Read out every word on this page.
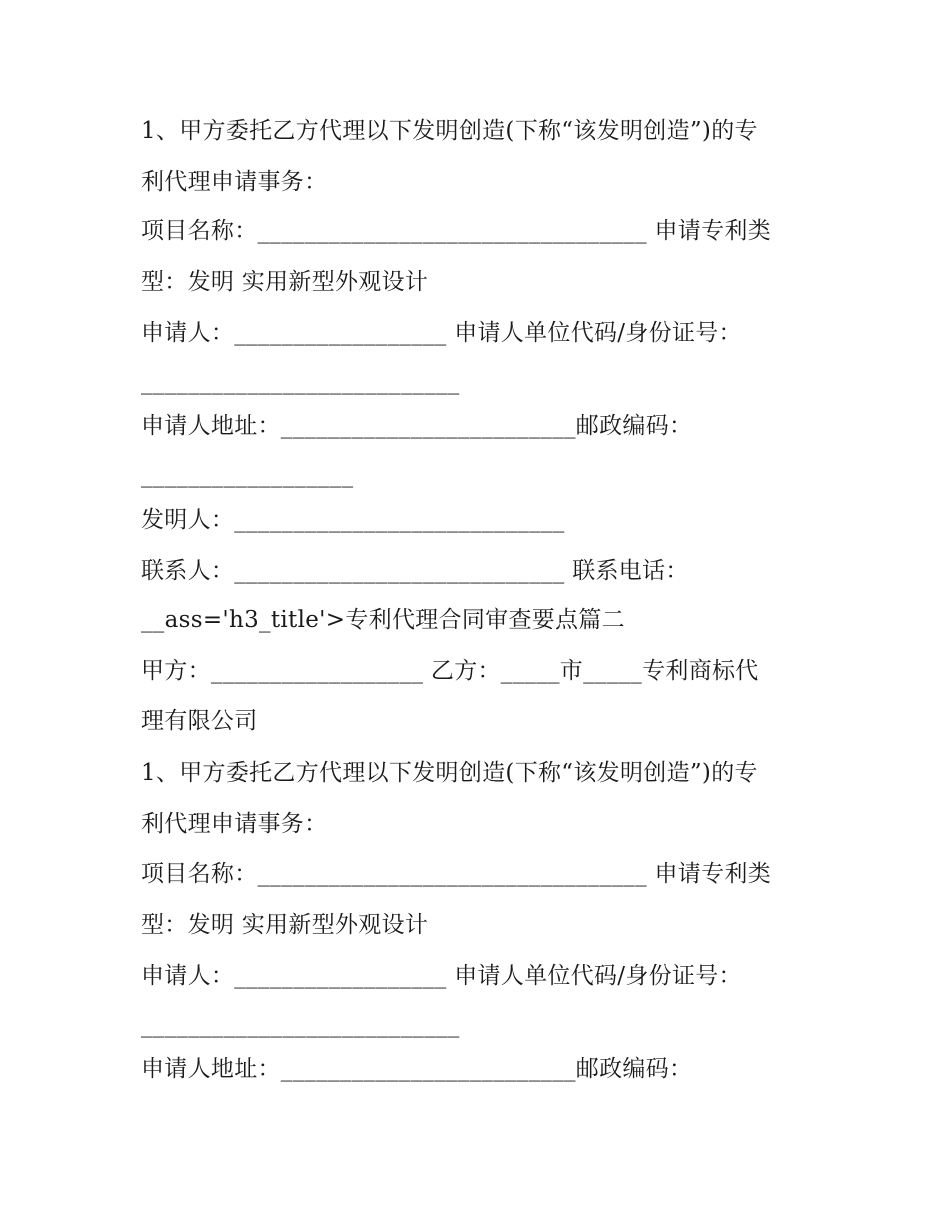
1、甲方委托乙方代理以下发明创造(下称“该发明创造”)的专
利代理申请事务：
项目名称：_________________________________ 申请专利类
型：发明 实用新型外观设计
申请人：__________________ 申请人单位代码/身份证号：
___________________________
申请人地址：_________________________邮政编码：
__________________
发明人：____________________________
联系人：____________________________ 联系电话：
__ass='h3_title'>专利代理合同审查要点篇二
甲方：__________________ 乙方：_____市_____专利商标代
理有限公司
1、甲方委托乙方代理以下发明创造(下称“该发明创造”)的专
利代理申请事务：
项目名称：_________________________________ 申请专利类
型：发明 实用新型外观设计
申请人：__________________ 申请人单位代码/身份证号：
___________________________
申请人地址：_________________________邮政编码：
